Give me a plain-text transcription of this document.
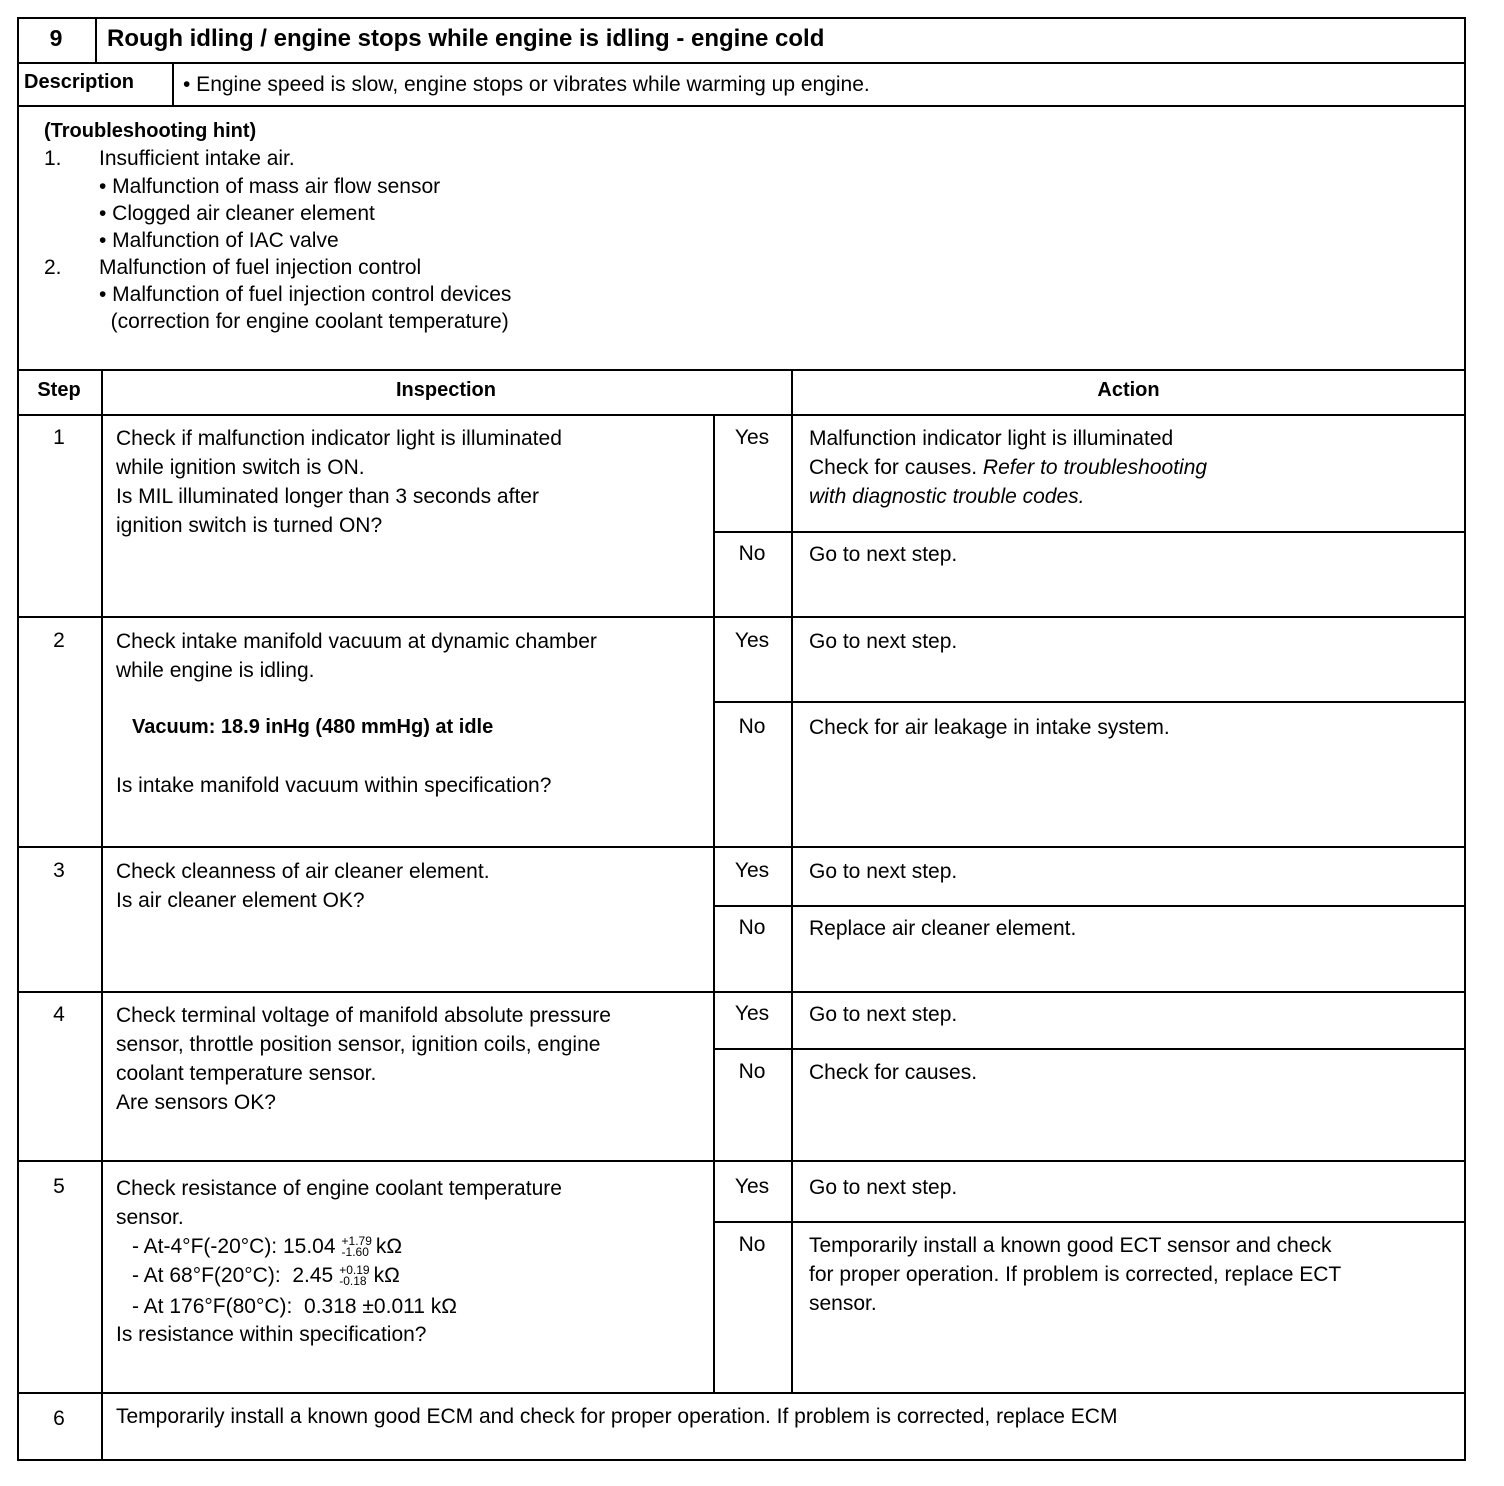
9	Rough idling / engine stops while engine is idling - engine cold
Description • Engine speed is slow, engine stops or vibrates while warming up engine.
(Troubleshooting hint)
1. Insufficient intake air.
• Malfunction of mass air flow sensor
• Clogged air cleaner element
• Malfunction of IAC valve
2. Malfunction of fuel injection control
• Malfunction of fuel injection control devices
(correction for engine coolant temperature)
Step	Inspection	Action
1	Check if malfunction indicator light is illuminated
while ignition switch is ON.
Is MIL illuminated longer than 3 seconds after
ignition switch is turned ON?
Yes	Malfunction indicator light is illuminated
Check for causes. Refer to troubleshooting
with diagnostic trouble codes.
No	Go to next step.
2	Check intake manifold vacuum at dynamic chamber
while engine is idling.
Vacuum: 18.9 inHg (480 mmHg) at idle
Is intake manifold vacuum within specification?
Yes	Go to next step.
No	Check for air leakage in intake system.
3	Check cleanness of air cleaner element.
Is air cleaner element OK?
Yes	Go to next step.
No	Replace air cleaner element.
4	Check terminal voltage of manifold absolute pressure
sensor, throttle position sensor, ignition coils, engine
coolant temperature sensor.
Are sensors OK?
Yes	Go to next step.
No	Check for causes.
5	Check resistance of engine coolant temperature
sensor.
- At-4°F(-20°C): 15.04 +1.79
-1.60 kΩ
- At 68°F(20°C):  2.45 +0.19
-0.18 kΩ
- At 176°F(80°C):  0.318 ±0.011 kΩ
Is resistance within specification?
Yes	Go to next step.
No	Temporarily install a known good ECT sensor and check
for proper operation. If problem is corrected, replace ECT
sensor.
6	Temporarily install a known good ECM and check for proper operation. If problem is corrected, replace ECM
